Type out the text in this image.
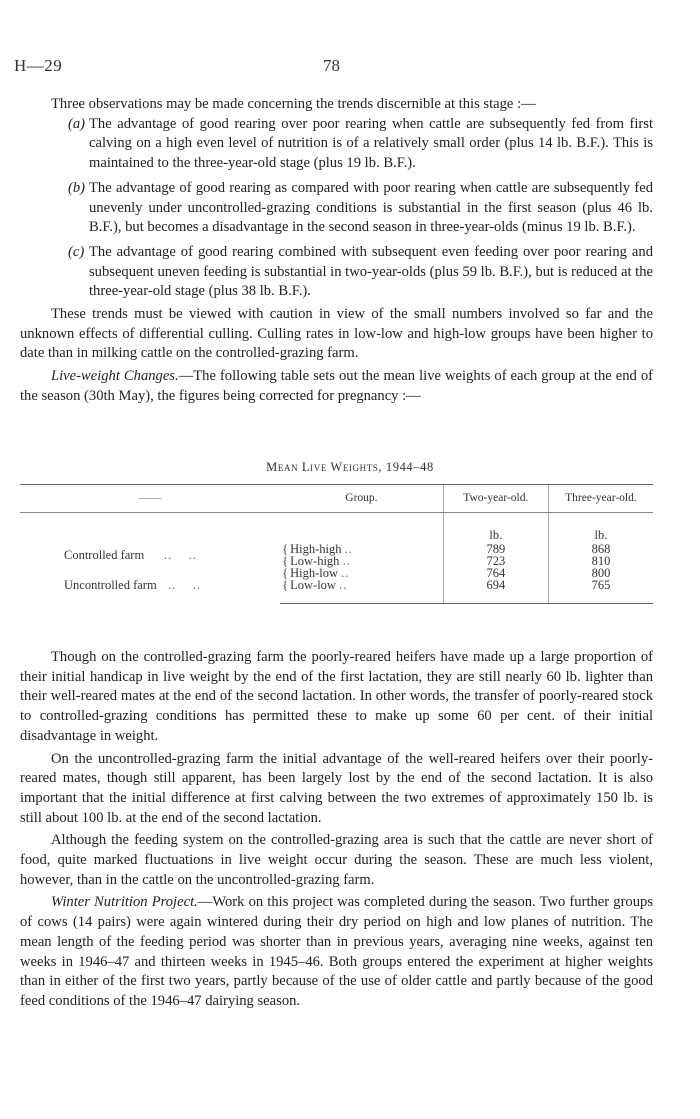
H—29	78

Three observations may be made concerning the trends discernible at this stage :—

(a) The advantage of good rearing over poor rearing when cattle are subsequently fed from first calving on a high even level of nutrition is of a relatively small order (plus 14 lb. B.F.). This is maintained to the three-year-old stage (plus 19 lb. B.F.).

(b) The advantage of good rearing as compared with poor rearing when cattle are subsequently fed unevenly under uncontrolled-grazing conditions is substantial in the first season (plus 46 lb. B.F.), but becomes a disadvantage in the second season in three-year-olds (minus 19 lb. B.F.).

(c) The advantage of good rearing combined with subsequent even feeding over poor rearing and subsequent uneven feeding is substantial in two-year-olds (plus 59 lb. B.F.), but is reduced at the three-year-old stage (plus 38 lb. B.F.).

These trends must be viewed with caution in view of the small numbers involved so far and the unknown effects of differential culling. Culling rates in low-low and high-low groups have been higher to date than in milking cattle on the controlled-grazing farm.

Live-weight Changes.—The following table sets out the mean live weights of each group at the end of the season (30th May), the figures being corrected for pregnancy :—

Mean Live Weights, 1944–48
——	Group.	Two-year-old.	Three-year-old.
		lb.	lb.
Controlled farm     ..    ..	{ High-high ..	789	868
	{ Low-high ..	723	810
Uncontrolled farm   ..    ..	{ High-low ..	764	800
	{ Low-low ..	694	765

Though on the controlled-grazing farm the poorly-reared heifers have made up a large proportion of their initial handicap in live weight by the end of the first lactation, they are still nearly 60 lb. lighter than their well-reared mates at the end of the second lactation. In other words, the transfer of poorly-reared stock to controlled-grazing conditions has permitted these to make up some 60 per cent. of their initial disadvantage in weight.

On the uncontrolled-grazing farm the initial advantage of the well-reared heifers over their poorly-reared mates, though still apparent, has been largely lost by the end of the second lactation. It is also important that the initial difference at first calving between the two extremes of approximately 150 lb. is still about 100 lb. at the end of the second lactation.

Although the feeding system on the controlled-grazing area is such that the cattle are never short of food, quite marked fluctuations in live weight occur during the season. These are much less violent, however, than in the cattle on the uncontrolled-grazing farm.

Winter Nutrition Project.—Work on this project was completed during the season. Two further groups of cows (14 pairs) were again wintered during their dry period on high and low planes of nutrition. The mean length of the feeding period was shorter than in previous years, averaging nine weeks, against ten weeks in 1946–47 and thirteen weeks in 1945–46. Both groups entered the experiment at higher weights than in either of the first two years, partly because of the use of older cattle and partly because of the good feed conditions of the 1946–47 dairying season.
